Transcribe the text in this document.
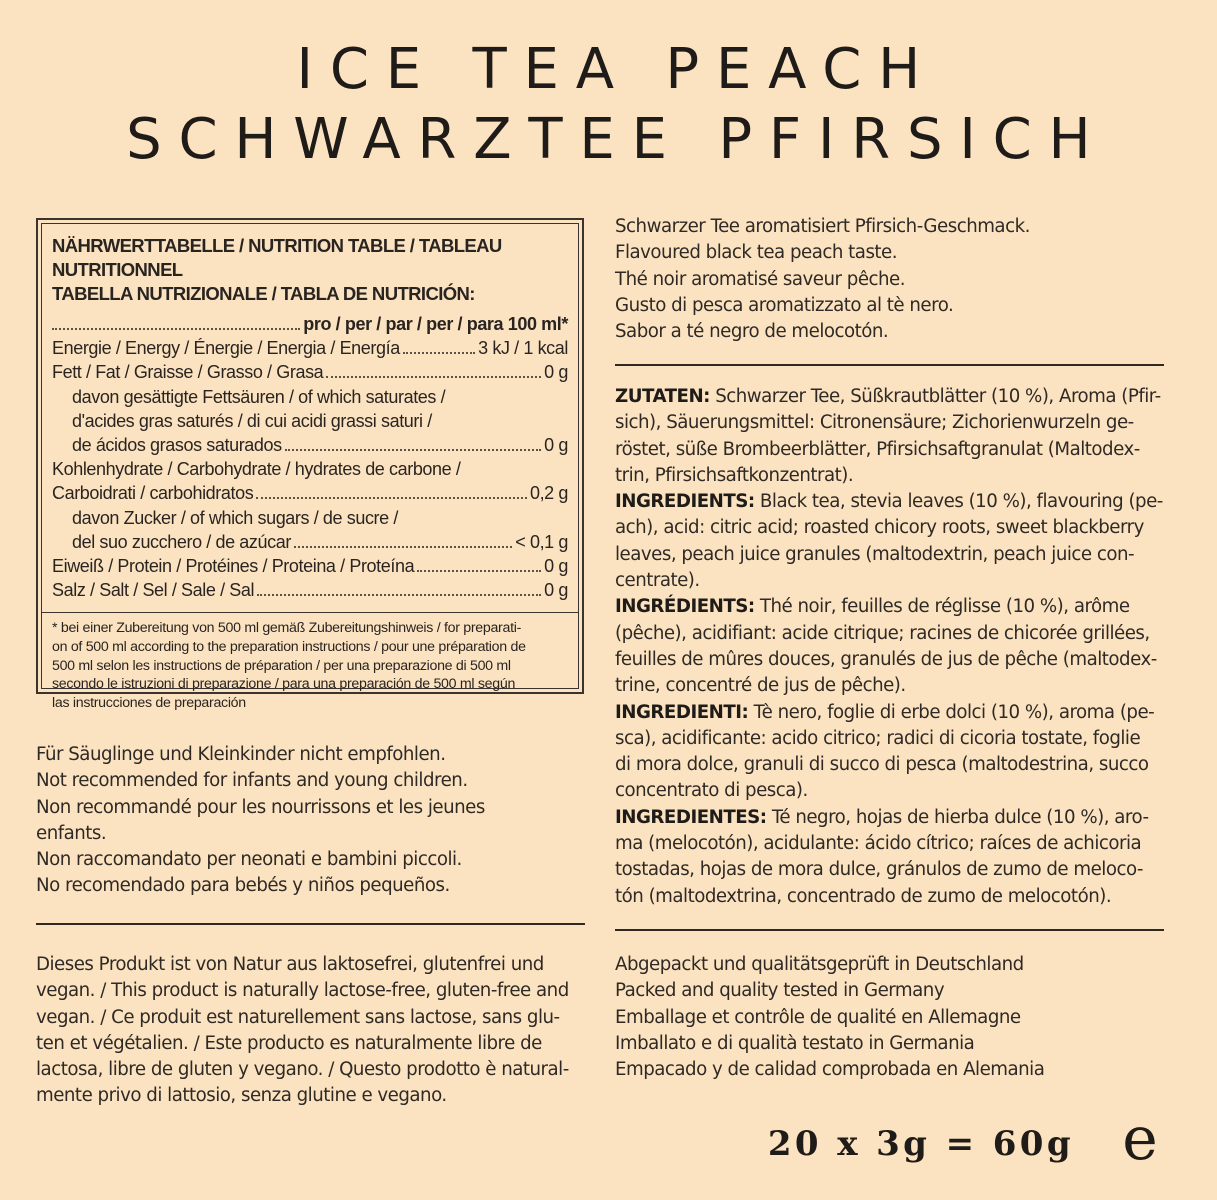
ICE TEA PEACH
SCHWARZTEE PFIRSICH
NÄHRWERTTABELLE / NUTRITION TABLE / TABLEAU NUTRITIONNEL
TABELLA NUTRIZIONALE / TABLA DE NUTRICIÓN:
pro / per / par / per / para 100 ml*
Energie / Energy / Énergie / Energia / Energía	3 kJ / 1 kcal
Fett / Fat / Graisse / Grasso / Grasa	0 g
davon gesättigte Fettsäuren / of which saturates /
d'acides gras saturés / di cui acidi grassi saturi /
de ácidos grasos saturados	0 g
Kohlenhydrate / Carbohydrate / hydrates de carbone /
Carboidrati / carbohidratos	0,2 g
davon Zucker / of which sugars / de sucre /
del suo zucchero / de azúcar	< 0,1 g
Eiweiß / Protein / Protéines / Proteina / Proteína	0 g
Salz / Salt / Sel / Sale / Sal	0 g
* bei einer Zubereitung von 500 ml gemäß Zubereitungshinweis / for preparati-
on of 500 ml according to the preparation instructions / pour une préparation de
500 ml selon les instructions de préparation / per una preparazione di 500 ml
secondo le istruzioni di preparazione / para una preparación de 500 ml según
las instrucciones de preparación
Schwarzer Tee aromatisiert Pfirsich-Geschmack.
Flavoured black tea peach taste.
Thé noir aromatisé saveur pêche.
Gusto di pesca aromatizzato al tè nero.
Sabor a té negro de melocotón.
ZUTATEN: Schwarzer Tee, Süßkrautblätter (10 %), Aroma (Pfir-
sich), Säuerungsmittel: Citronensäure; Zichorienwurzeln ge-
röstet, süße Brombeerblätter, Pfirsichsaftgranulat (Maltodex-
trin, Pfirsichsaftkonzentrat).
INGREDIENTS: Black tea, stevia leaves (10 %), flavouring (pe-
ach), acid: citric acid; roasted chicory roots, sweet blackberry
leaves, peach juice granules (maltodextrin, peach juice con-
centrate).
INGRÉDIENTS: Thé noir, feuilles de réglisse (10 %), arôme
(pêche), acidifiant: acide citrique; racines de chicorée grillées,
feuilles de mûres douces, granulés de jus de pêche (maltodex-
trine, concentré de jus de pêche).
INGREDIENTI: Tè nero, foglie di erbe dolci (10 %), aroma (pe-
sca), acidificante: acido citrico; radici di cicoria tostate, foglie
di mora dolce, granuli di succo di pesca (maltodestrina, succo
concentrato di pesca).
INGREDIENTES: Té negro, hojas de hierba dulce (10 %), aro-
ma (melocotón), acidulante: ácido cítrico; raíces de achicoria
tostadas, hojas de mora dulce, gránulos de zumo de meloco-
tón (maltodextrina, concentrado de zumo de melocotón).
Für Säuglinge und Kleinkinder nicht empfohlen.
Not recommended for infants and young children.
Non recommandé pour les nourrissons et les jeunes
enfants.
Non raccomandato per neonati e bambini piccoli.
No recomendado para bebés y niños pequeños.
Dieses Produkt ist von Natur aus laktosefrei, glutenfrei und
vegan. / This product is naturally lactose-free, gluten-free and
vegan. / Ce produit est naturellement sans lactose, sans glu-
ten et végétalien. / Este producto es naturalmente libre de
lactosa, libre de gluten y vegano. / Questo prodotto è natural-
mente privo di lattosio, senza glutine e vegano.
Abgepackt und qualitätsgeprüft in Deutschland
Packed and quality tested in Germany
Emballage et contrôle de qualité en Allemagne
Imballato e di qualità testato in Germania
Empacado y de calidad comprobada en Alemania
20 x 3g = 60g e
